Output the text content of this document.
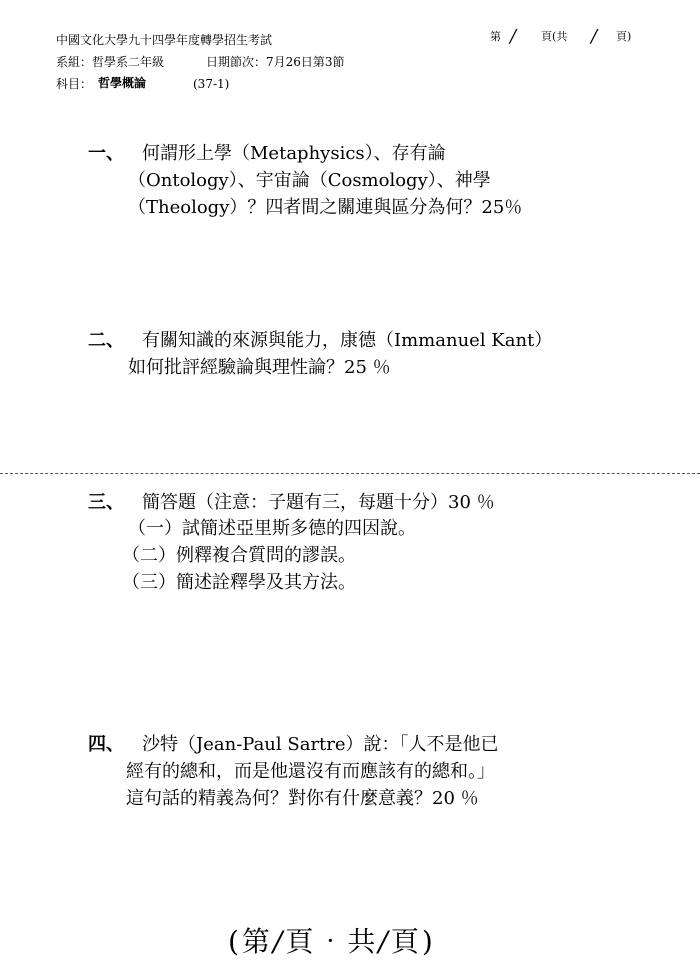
中國文化大學九十四學年度轉學招生考試
系組：哲學系二年級	日期節次：7月26日第3節
科目： 哲學概論	(37-1)
第 / 頁(共 / 頁)
一、 何謂形上學（Metaphysics）、存有論
（Ontology）、宇宙論（Cosmology）、神學
（Theology）？四者間之關連與區分為何？25％
二、 有關知識的來源與能力，康德（Immanuel Kant）
如何批評經驗論與理性論？25 ％
三、 簡答題（注意：子題有三，每題十分）30 ％
（一）試簡述亞里斯多德的四因說。
（二）例釋複合質問的謬誤。
（三）簡述詮釋學及其方法。
四、 沙特（Jean-Paul Sartre）說：「人不是他已
經有的總和，而是他還沒有而應該有的總和。」
這句話的精義為何？對你有什麼意義？20 ％
(第/頁‧共/頁)
